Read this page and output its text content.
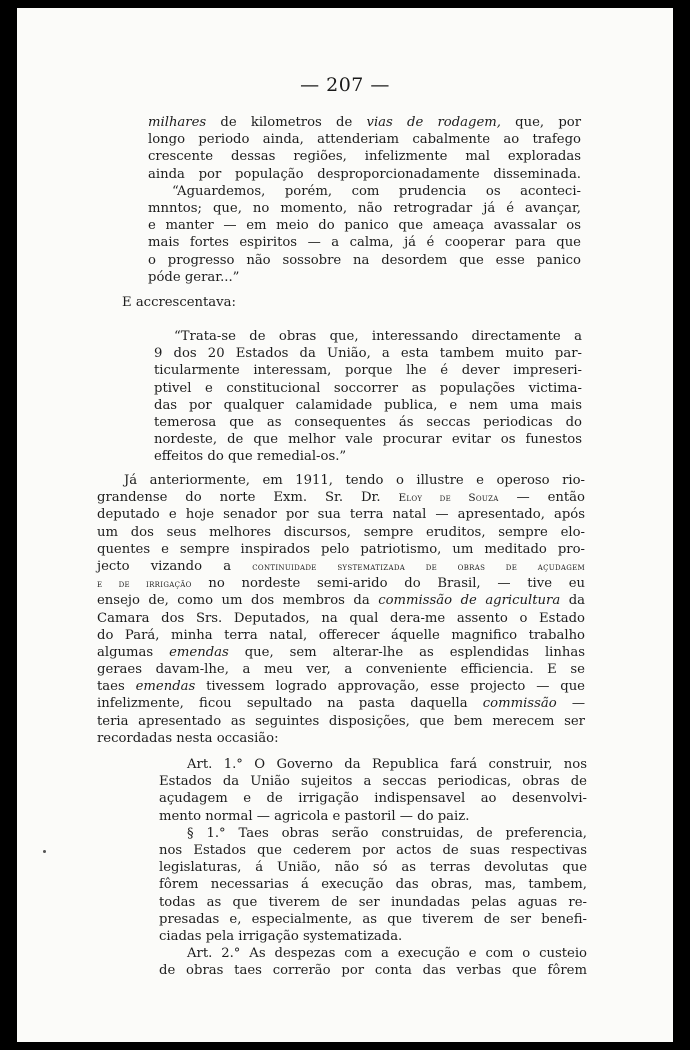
— 207 —
milhares de kilometros de vias de rodagem, que, por
longo periodo ainda, attenderiam cabalmente ao trafego
crescente dessas regiões, infelizmente mal exploradas
ainda por população desproporcionadamente disseminada.
“Aguardemos, porém, com prudencia os aconteci-
mnntos; que, no momento, não retrogradar já é avançar,
e manter — em meio do panico que ameaça avassalar os
mais fortes espiritos — a calma, já é cooperar para que
o progresso não sossobre na desordem que esse panico
póde gerar...”
E accrescentava:
“Trata-se de obras que, interessando directamente a
9 dos 20 Estados da União, a esta tambem muito par-
ticularmente interessam, porque lhe é dever impreseri-
ptivel e constitucional soccorrer as populações victima-
das por qualquer calamidade publica, e nem uma mais
temerosa que as consequentes ás seccas periodicas do
nordeste, de que melhor vale procurar evitar os funestos
effeitos do que remedial-os.”
Já anteriormente, em 1911, tendo o illustre e operoso rio-
grandense do norte Exm. Sr. Dr. Eloy de Souza — então
deputado e hoje senador por sua terra natal — apresentado, após
um dos seus melhores discursos, sempre eruditos, sempre elo-
quentes e sempre inspirados pelo patriotismo, um meditado pro-
jecto vizando a continuidade systematizada de obras de açudagem
e de irrigação no nordeste semi-arido do Brasil, — tive eu
ensejo de, como um dos membros da commissão de agricultura da
Camara dos Srs. Deputados, na qual dera-me assento o Estado
do Pará, minha terra natal, offerecer áquelle magnifico trabalho
algumas emendas que, sem alterar-lhe as esplendidas linhas
geraes davam-lhe, a meu ver, a conveniente efficiencia. E se
taes emendas tivessem logrado approvação, esse projecto — que
infelizmente, ficou sepultado na pasta daquella commissão —
teria apresentado as seguintes disposições, que bem merecem ser
recordadas nesta occasião:
Art. 1.° O Governo da Republica fará construir, nos
Estados da União sujeitos a seccas periodicas, obras de
açudagem e de irrigação indispensavel ao desenvolvi-
mento normal — agricola e pastoril — do paiz.
§ 1.° Taes obras serão construidas, de preferencia,
nos Estados que cederem por actos de suas respectivas
legislaturas, á União, não só as terras devolutas que
fôrem necessarias á execução das obras, mas, tambem,
todas as que tiverem de ser inundadas pelas aguas re-
presadas e, especialmente, as que tiverem de ser benefi-
ciadas pela irrigação systematizada.
Art. 2.° As despezas com a execução e com o custeio
de obras taes correrão por conta das verbas que fôrem
